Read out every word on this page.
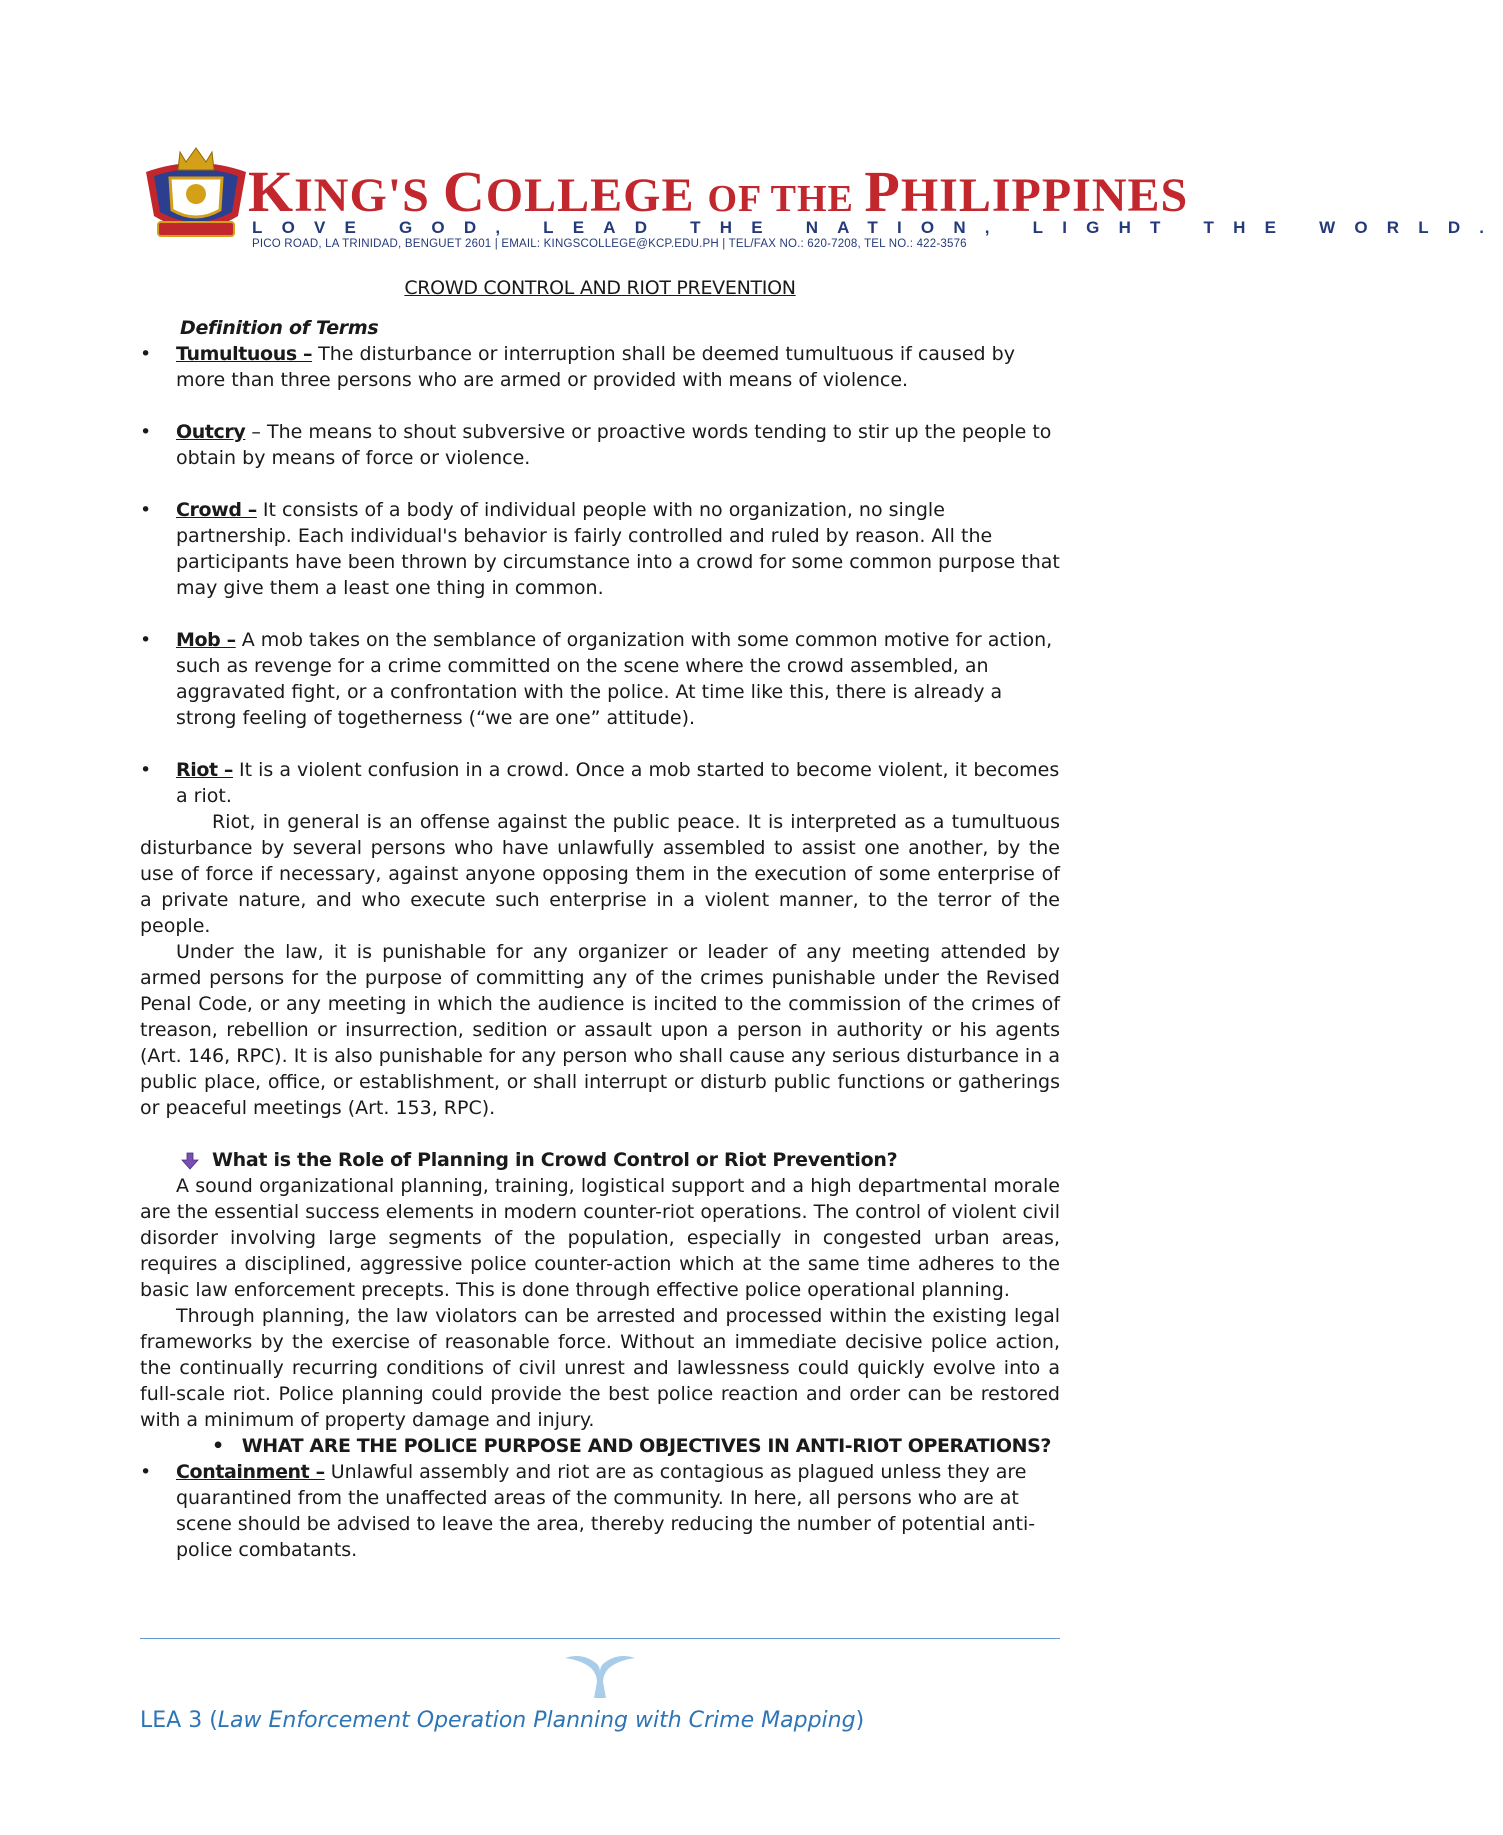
KING'S COLLEGE OF THE PHILIPPINES
LOVE GOD, LEAD THE NATION, LIGHT THE WORLD.
PICO ROAD, LA TRINIDAD, BENGUET 2601 | EMAIL: KINGSCOLLEGE@KCP.EDU.PH | TEL/FAX NO.: 620-7208, TEL NO.: 422-3576
CROWD CONTROL AND RIOT PREVENTION
Definition of Terms
• Tumultuous – The disturbance or interruption shall be deemed tumultuous if caused by more than three persons who are armed or provided with means of violence.
• Outcry – The means to shout subversive or proactive words tending to stir up the people to obtain by means of force or violence.
• Crowd – It consists of a body of individual people with no organization, no single partnership. Each individual's behavior is fairly controlled and ruled by reason. All the participants have been thrown by circumstance into a crowd for some common purpose that may give them a least one thing in common.
• Mob – A mob takes on the semblance of organization with some common motive for action, such as revenge for a crime committed on the scene where the crowd assembled, an aggravated fight, or a confrontation with the police. At time like this, there is already a strong feeling of togetherness (“we are one” attitude).
• Riot – It is a violent confusion in a crowd. Once a mob started to become violent, it becomes a riot.

Riot, in general is an offense against the public peace. It is interpreted as a tumultuous disturbance by several persons who have unlawfully assembled to assist one another, by the use of force if necessary, against anyone opposing them in the execution of some enterprise of a private nature, and who execute such enterprise in a violent manner, to the terror of the people.

Under the law, it is punishable for any organizer or leader of any meeting attended by armed persons for the purpose of committing any of the crimes punishable under the Revised Penal Code, or any meeting in which the audience is incited to the commission of the crimes of treason, rebellion or insurrection, sedition or assault upon a person in authority or his agents (Art. 146, RPC). It is also punishable for any person who shall cause any serious disturbance in a public place, office, or establishment, or shall interrupt or disturb public functions or gatherings or peaceful meetings (Art. 153, RPC).

What is the Role of Planning in Crowd Control or Riot Prevention?

A sound organizational planning, training, logistical support and a high departmental morale are the essential success elements in modern counter-riot operations. The control of violent civil disorder involving large segments of the population, especially in congested urban areas, requires a disciplined, aggressive police counter-action which at the same time adheres to the basic law enforcement precepts. This is done through effective police operational planning.

Through planning, the law violators can be arrested and processed within the existing legal frameworks by the exercise of reasonable force. Without an immediate decisive police action, the continually recurring conditions of civil unrest and lawlessness could quickly evolve into a full-scale riot. Police planning could provide the best police reaction and order can be restored with a minimum of property damage and injury.

• WHAT ARE THE POLICE PURPOSE AND OBJECTIVES IN ANTI-RIOT OPERATIONS?
• Containment – Unlawful assembly and riot are as contagious as plagued unless they are quarantined from the unaffected areas of the community. In here, all persons who are at scene should be advised to leave the area, thereby reducing the number of potential anti-police combatants.
LEA 3 (Law Enforcement Operation Planning with Crime Mapping)
